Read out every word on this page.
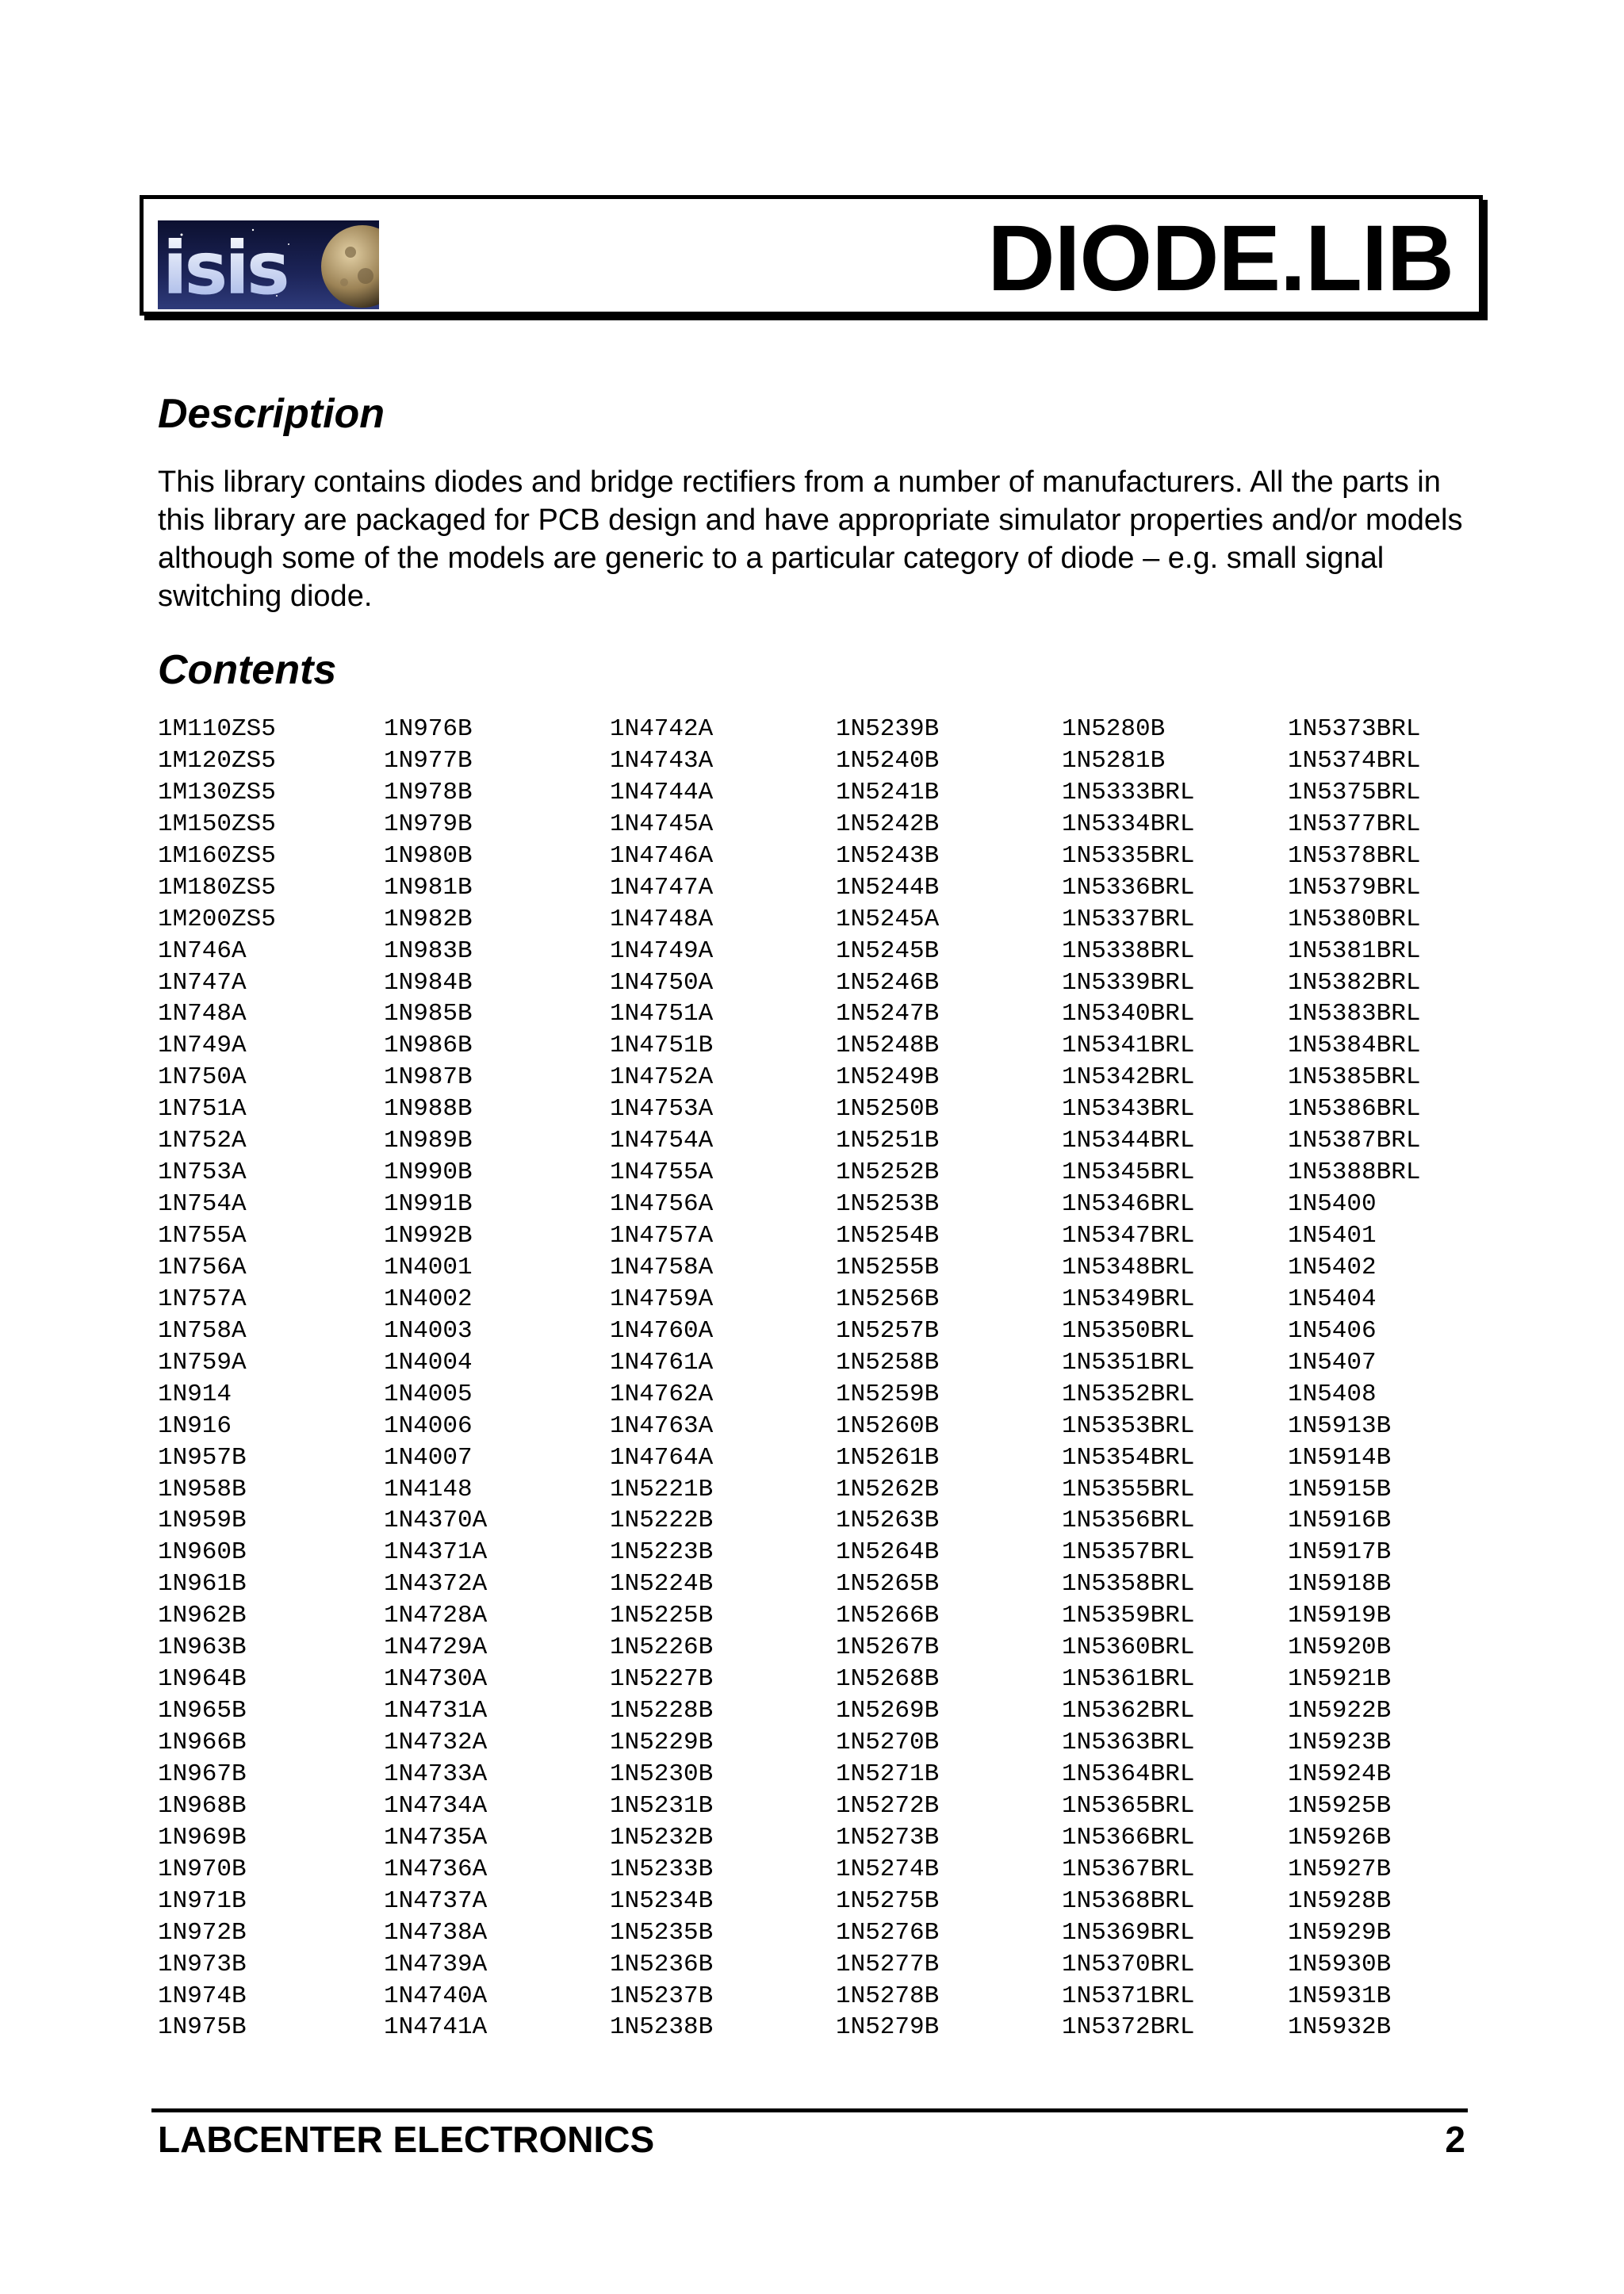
isis	DIODE.LIB
Description

This library contains diodes and bridge rectifiers from a number of manufacturers. All the parts in this library are packaged for PCB design and have appropriate simulator properties and/or models although some of the models are generic to a particular category of diode – e.g. small signal switching diode.

Contents
1M110ZS5
1M120ZS5
1M130ZS5
1M150ZS5
1M160ZS5
1M180ZS5
1M200ZS5
1N746A
1N747A
1N748A
1N749A
1N750A
1N751A
1N752A
1N753A
1N754A
1N755A
1N756A
1N757A
1N758A
1N759A
1N914
1N916
1N957B
1N958B
1N959B
1N960B
1N961B
1N962B
1N963B
1N964B
1N965B
1N966B
1N967B
1N968B
1N969B
1N970B
1N971B
1N972B
1N973B
1N974B
1N975B
1N976B
1N977B
1N978B
1N979B
1N980B
1N981B
1N982B
1N983B
1N984B
1N985B
1N986B
1N987B
1N988B
1N989B
1N990B
1N991B
1N992B
1N4001
1N4002
1N4003
1N4004
1N4005
1N4006
1N4007
1N4148
1N4370A
1N4371A
1N4372A
1N4728A
1N4729A
1N4730A
1N4731A
1N4732A
1N4733A
1N4734A
1N4735A
1N4736A
1N4737A
1N4738A
1N4739A
1N4740A
1N4741A
1N4742A
1N4743A
1N4744A
1N4745A
1N4746A
1N4747A
1N4748A
1N4749A
1N4750A
1N4751A
1N4751B
1N4752A
1N4753A
1N4754A
1N4755A
1N4756A
1N4757A
1N4758A
1N4759A
1N4760A
1N4761A
1N4762A
1N4763A
1N4764A
1N5221B
1N5222B
1N5223B
1N5224B
1N5225B
1N5226B
1N5227B
1N5228B
1N5229B
1N5230B
1N5231B
1N5232B
1N5233B
1N5234B
1N5235B
1N5236B
1N5237B
1N5238B
1N5239B
1N5240B
1N5241B
1N5242B
1N5243B
1N5244B
1N5245A
1N5245B
1N5246B
1N5247B
1N5248B
1N5249B
1N5250B
1N5251B
1N5252B
1N5253B
1N5254B
1N5255B
1N5256B
1N5257B
1N5258B
1N5259B
1N5260B
1N5261B
1N5262B
1N5263B
1N5264B
1N5265B
1N5266B
1N5267B
1N5268B
1N5269B
1N5270B
1N5271B
1N5272B
1N5273B
1N5274B
1N5275B
1N5276B
1N5277B
1N5278B
1N5279B
1N5280B
1N5281B
1N5333BRL
1N5334BRL
1N5335BRL
1N5336BRL
1N5337BRL
1N5338BRL
1N5339BRL
1N5340BRL
1N5341BRL
1N5342BRL
1N5343BRL
1N5344BRL
1N5345BRL
1N5346BRL
1N5347BRL
1N5348BRL
1N5349BRL
1N5350BRL
1N5351BRL
1N5352BRL
1N5353BRL
1N5354BRL
1N5355BRL
1N5356BRL
1N5357BRL
1N5358BRL
1N5359BRL
1N5360BRL
1N5361BRL
1N5362BRL
1N5363BRL
1N5364BRL
1N5365BRL
1N5366BRL
1N5367BRL
1N5368BRL
1N5369BRL
1N5370BRL
1N5371BRL
1N5372BRL
1N5373BRL
1N5374BRL
1N5375BRL
1N5377BRL
1N5378BRL
1N5379BRL
1N5380BRL
1N5381BRL
1N5382BRL
1N5383BRL
1N5384BRL
1N5385BRL
1N5386BRL
1N5387BRL
1N5388BRL
1N5400
1N5401
1N5402
1N5404
1N5406
1N5407
1N5408
1N5913B
1N5914B
1N5915B
1N5916B
1N5917B
1N5918B
1N5919B
1N5920B
1N5921B
1N5922B
1N5923B
1N5924B
1N5925B
1N5926B
1N5927B
1N5928B
1N5929B
1N5930B
1N5931B
1N5932B
LABCENTER ELECTRONICS	2
